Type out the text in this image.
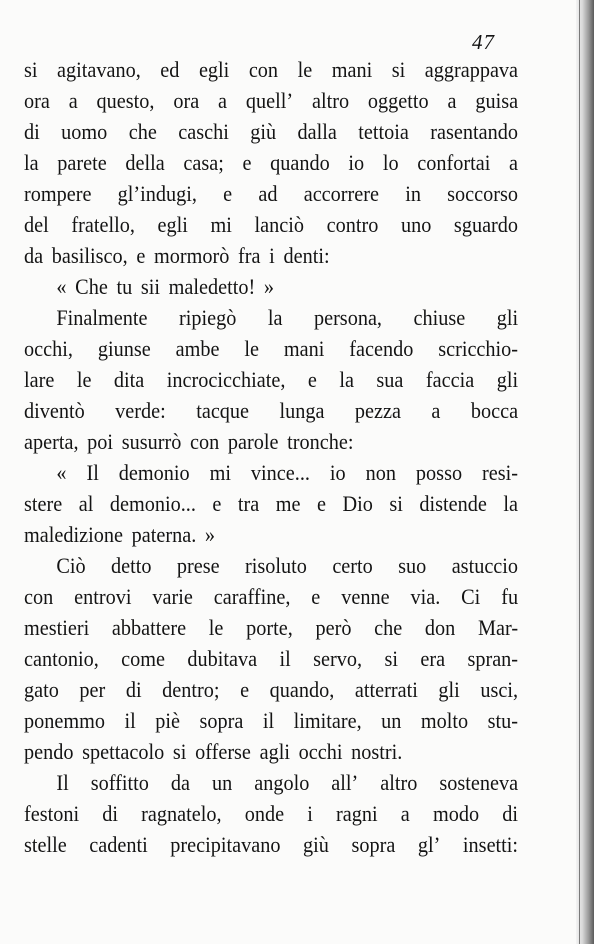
47
si agitavano, ed egli con le mani si aggrappava
ora a questo, ora a quell’ altro oggetto a guisa
di uomo che caschi giù dalla tettoia rasentando
la parete della casa; e quando io lo confortai a
rompere gl’indugi, e ad accorrere in soccorso
del fratello, egli mi lanciò contro uno sguardo
da basilisco, e mormorò fra i denti:
« Che tu sii maledetto! »
Finalmente ripiegò la persona, chiuse gli
occhi, giunse ambe le mani facendo scricchio-
lare le dita incrocicchiate, e la sua faccia gli
diventò verde: tacque lunga pezza a bocca
aperta, poi susurrò con parole tronche:
« Il demonio mi vince... io non posso resi-
stere al demonio... e tra me e Dio si distende la
maledizione paterna. »
Ciò detto prese risoluto certo suo astuccio
con entrovi varie caraffine, e venne via. Ci fu
mestieri abbattere le porte, però che don Mar-
cantonio, come dubitava il servo, si era spran-
gato per di dentro; e quando, atterrati gli usci,
ponemmo il piè sopra il limitare, un molto stu-
pendo spettacolo si offerse agli occhi nostri.
Il soffitto da un angolo all’ altro sosteneva
festoni di ragnatelo, onde i ragni a modo di
stelle cadenti precipitavano giù sopra gl’ insetti:
